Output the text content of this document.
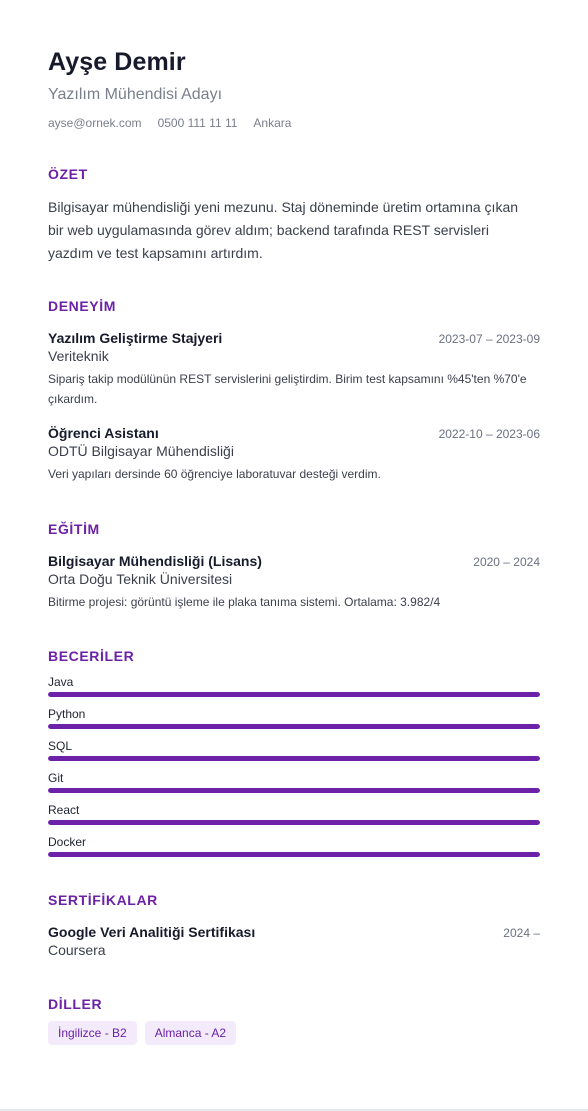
Ayşe Demir
Yazılım Mühendisi Adayı
ayse@ornek.com 0500 111 11 11 Ankara
ÖZET
Bilgisayar mühendisliği yeni mezunu. Staj döneminde üretim ortamına çıkan bir web uygulamasında görev aldım; backend tarafında REST servisleri yazdım ve test kapsamını artırdım.
DENEYİM
Yazılım Geliştirme Stajyeri	2023-07 – 2023-09
Veriteknik
Sipariş takip modülünün REST servislerini geliştirdim. Birim test kapsamını %45'ten %70'e çıkardım.
Öğrenci Asistanı	2022-10 – 2023-06
ODTÜ Bilgisayar Mühendisliği
Veri yapıları dersinde 60 öğrenciye laboratuvar desteği verdim.
EĞİTİM
Bilgisayar Mühendisliği (Lisans)	2020 – 2024
Orta Doğu Teknik Üniversitesi
Bitirme projesi: görüntü işleme ile plaka tanıma sistemi. Ortalama: 3.982/4
BECERİLER
Java
Python
SQL
Git
React
Docker
SERTİFİKALAR
Google Veri Analitiği Sertifikası	2024 –
Coursera
DİLLER
İngilizce - B2	Almanca - A2
